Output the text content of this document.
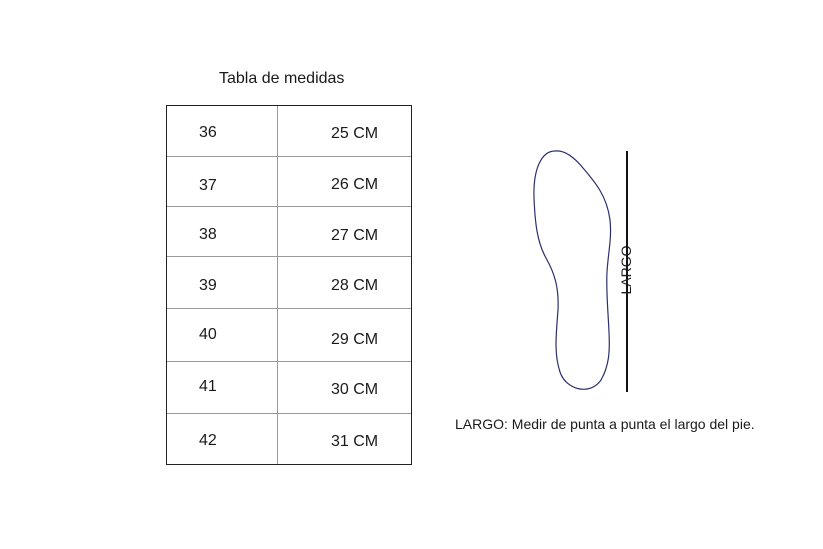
Tabla de medidas
36	25 CM
37	26 CM
38	27 CM
39	28 CM
40	29 CM
41	30 CM
42	31 CM
LARGO
LARGO: Medir de punta a punta el largo del pie.
